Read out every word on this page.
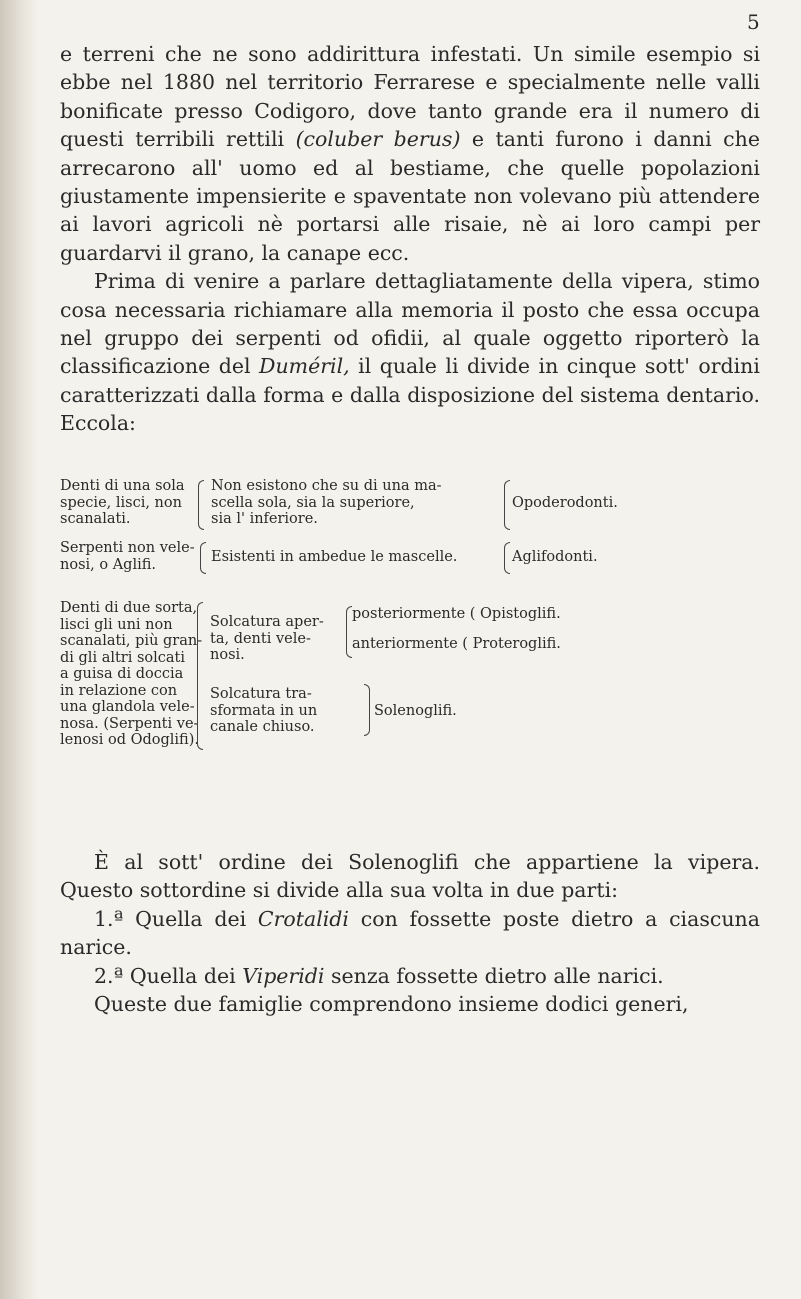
5

e terreni che ne sono addirittura infestati. Un simile esempio si ebbe nel 1880 nel territorio Ferrarese e specialmente nelle valli bonificate presso Codigoro, dove tanto grande era il numero di questi terribili rettili (coluber berus) e tanti furono i danni che arrecarono all' uomo ed al bestiame, che quelle popolazioni giustamente impensierite e spaventate non volevano più attendere ai lavori agricoli nè portarsi alle risaie, nè ai loro campi per guardarvi il grano, la canape ecc.

Prima di venire a parlare dettagliatamente della vipera, stimo cosa necessaria richiamare alla memoria il posto che essa occupa nel gruppo dei serpenti od ofidii, al quale oggetto riporterò la classificazione del Duméril, il quale li divide in cinque sott' ordini caratterizzati dalla forma e dalla disposizione del sistema dentario. Eccola:

Denti di una sola
specie, lisci, non
scanalati.
Non esistono che su di una ma-
scella sola, sia la superiore,
sia l' inferiore.
Opoderodonti.
Serpenti non vele-
nosi, o Aglifi.	Esistenti in ambedue le mascelle.	Aglifodonti.
Denti di due sorta,
lisci gli uni non
scanalati, più gran-
di gli altri solcati
a guisa di doccia
in relazione con
una glandola vele-
nosa. (Serpenti ve-
lenosi od Odoglifi).
Solcatura aper-
ta, denti vele-
nosi.
posteriormente ( Opistoglifi.
anteriormente ( Proteroglifi.
Solcatura tra-
sformata in un
canale chiuso.
Solenoglifi.

È al sott' ordine dei Solenoglifi che appartiene la vipera. Questo sottordine si divide alla sua volta in due parti:

1.ª Quella dei Crotalidi con fossette poste dietro a ciascuna narice.

2.ª Quella dei Viperidi senza fossette dietro alle narici.

Queste due famiglie comprendono insieme dodici generi,
